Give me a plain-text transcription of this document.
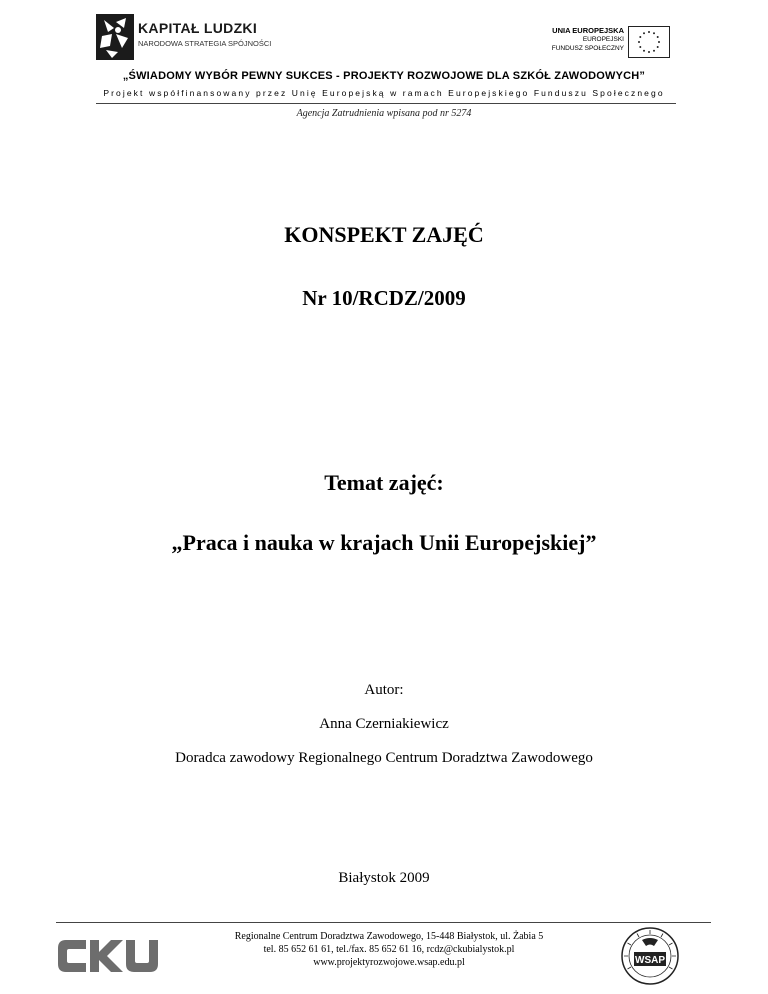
KAPITAŁ LUDZKI
NARODOWA STRATEGIA SPÓJNOŚCI
UNIA EUROPEJSKA
EUROPEJSKI
FUNDUSZ SPOŁECZNY
„ŚWIADOMY WYBÓR PEWNY SUKCES - PROJEKTY ROZWOJOWE DLA SZKÓŁ ZAWODOWYCH”
Projekt współfinansowany przez Unię Europejską w ramach Europejskiego Funduszu Społecznego
Agencja Zatrudnienia wpisana pod nr 5274
KONSPEKT ZAJĘĆ
Nr 10/RCDZ/2009
Temat zajęć:
„Praca i nauka w krajach Unii Europejskiej”
Autor:
Anna Czerniakiewicz
Doradca zawodowy Regionalnego Centrum Doradztwa Zawodowego
Białystok 2009
Regionalne Centrum Doradztwa Zawodowego, 15-448 Białystok, ul. Żabia 5
tel. 85 652 61 61, tel./fax. 85 652 61 16, rcdz@ckubialystok.pl
www.projektyrozwojowe.wsap.edu.pl	WSAP
